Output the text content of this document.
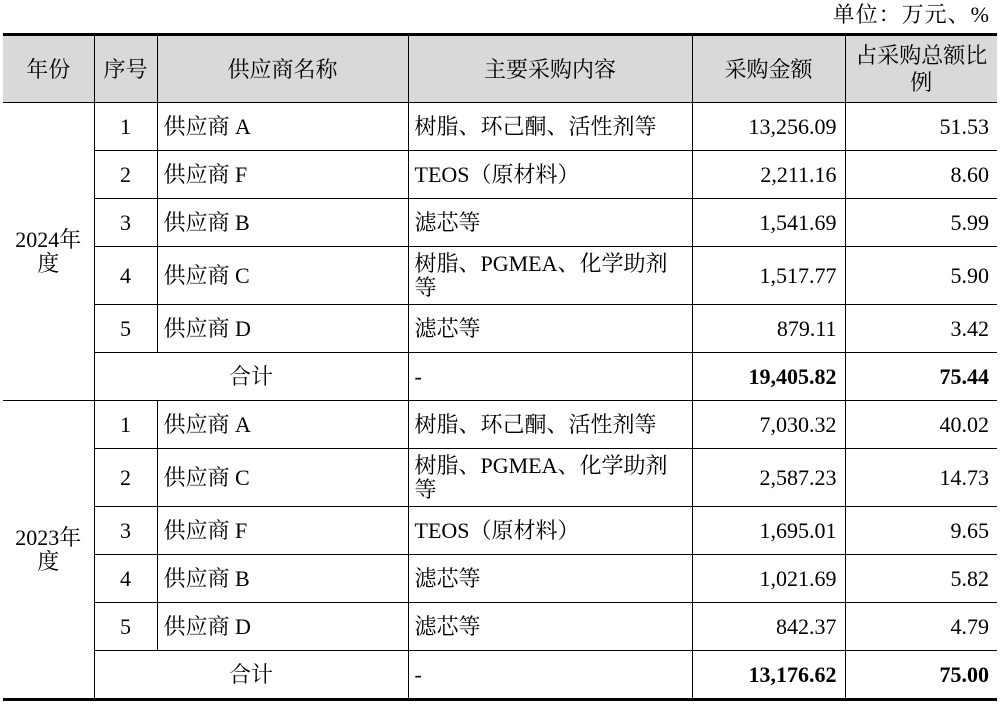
单位：万元、%
年份	序号	供应商名称	主要采购内容	采购金额	占采购总额比例
2024年度	1	供应商 A	树脂、环己酮、活性剂等	13,256.09	51.53
	2	供应商 F	TEOS（原材料）	2,211.16	8.60
	3	供应商 B	滤芯等	1,541.69	5.99
	4	供应商 C	树脂、PGMEA、化学助剂等	1,517.77	5.90
	5	供应商 D	滤芯等	879.11	3.42
	合计		-	19,405.82	75.44
2023年度	1	供应商 A	树脂、环己酮、活性剂等	7,030.32	40.02
	2	供应商 C	树脂、PGMEA、化学助剂等	2,587.23	14.73
	3	供应商 F	TEOS（原材料）	1,695.01	9.65
	4	供应商 B	滤芯等	1,021.69	5.82
	5	供应商 D	滤芯等	842.37	4.79
	合计		-	13,176.62	75.00
